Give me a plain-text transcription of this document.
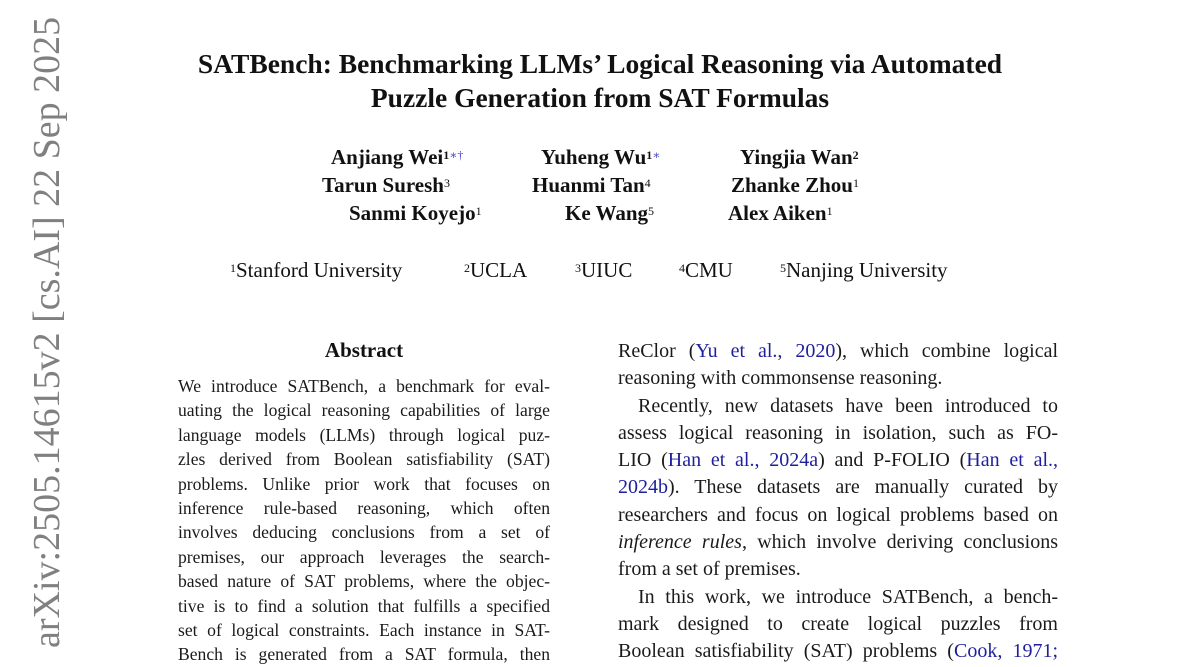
arXiv:2505.14615v2 [cs.AI] 22 Sep 2025	SATBench: Benchmarking LLMs’ Logical Reasoning via Automated
Puzzle Generation from SAT Formulas
Anjiang Wei$^{1∗\dagger}$	Yuheng $Wu^{1∗}$	Yingjia Wan$^2$
Tarun Suresh$^3$	Huanmi Tan$^4$	Zhanke Zhou$^1$
Sanmi Koyejo$^1$	Ke Wang$^5$	Alex Aiken$^1$
$^1$Stanford University	$^2$UCLA	$^3$UIUC	$^4$CMU	$^5$Nanjing University
Abstract
We introduce SATBench, a benchmark for eval-
uating the logical reasoning capabilities of large
language models (LLMs) through logical puz-
zles derived from Boolean satisfiability (SAT)
problems. Unlike prior work that focuses on
inference rule-based reasoning, which often
involves deducing conclusions from a set of
premises, our approach leverages the search-
based nature of SAT problems, where the objec-
tive is to find a solution that fulfills a specified
set of logical constraints. Each instance in SAT-
Bench is generated from a SAT formula, then
ReClor (Yu et al., 2020), which combine logical
reasoning with commonsense reasoning.
Recently, new datasets have been introduced to
assess logical reasoning in isolation, such as FO-
LIO (Han et al., 2024a) and P-FOLIO (Han et al.,
2024b). These datasets are manually curated by
researchers and focus on logical problems based on
inference rules, which involve deriving conclusions
from a set of premises.
In this work, we introduce SATBench, a bench-
mark designed to create logical puzzles from
Boolean satisfiability (SAT) problems (Cook, 1971;
